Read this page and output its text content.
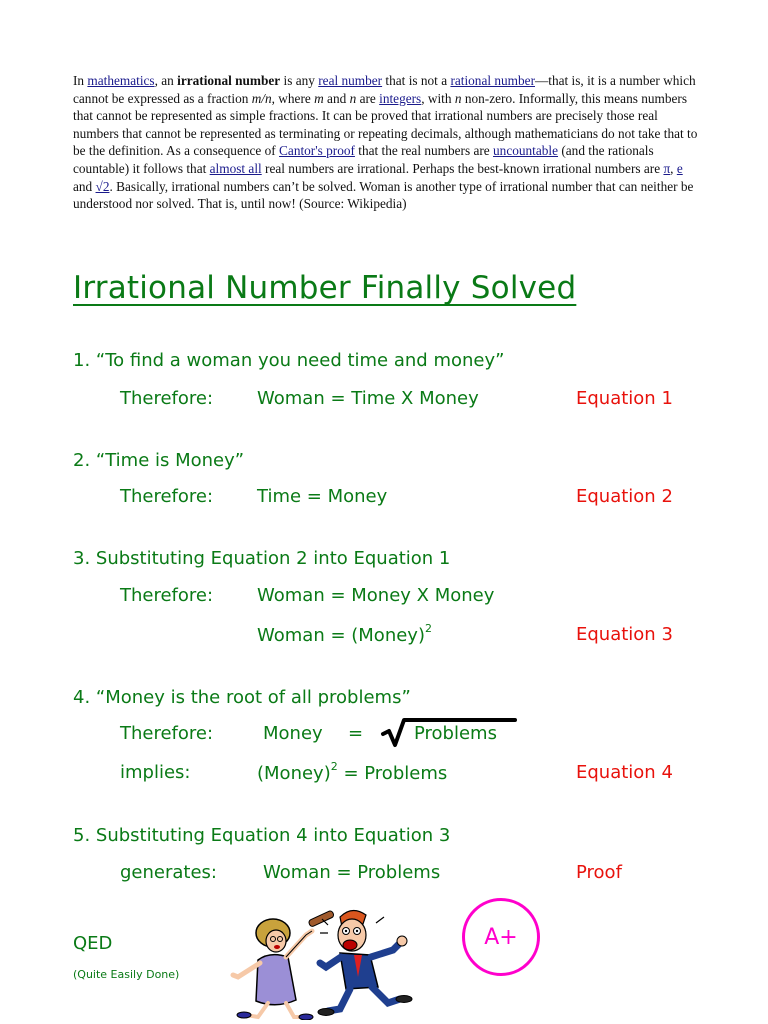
In mathematics, an irrational number is any real number that is not a rational number—that is, it is a number which cannot be expressed as a fraction m/n, where m and n are integers, with n non-zero. Informally, this means numbers that cannot be represented as simple fractions. It can be proved that irrational numbers are precisely those real numbers that cannot be represented as terminating or repeating decimals, although mathematicians do not take that to be the definition. As a consequence of Cantor's proof that the real numbers are uncountable (and the rationals countable) it follows that almost all real numbers are irrational. Perhaps the best-known irrational numbers are π, e and √2. Basically, irrational numbers can’t be solved. Woman is another type of irrational number that can neither be understood nor solved. That is, until now! (Source: Wikipedia)

Irrational Number Finally Solved
1. “To find a woman you need time and money”
Therefore: Woman = Time X Money	Equation 1
2. “Time is Money”
Therefore: Time = Money	Equation 2
3. Substituting Equation 2 into Equation 1
Therefore: Woman = Money X Money
Woman = (Money)$^2$	Equation 3
4. “Money is the root of all problems”
Therefore:	Money =	Problems
implies:	(Money)$^2$ = Problems	Equation 4
5. Substituting Equation 4 into Equation 3
generates:	Woman = Problems	Proof
QED
(Quite Easily Done)
A+
